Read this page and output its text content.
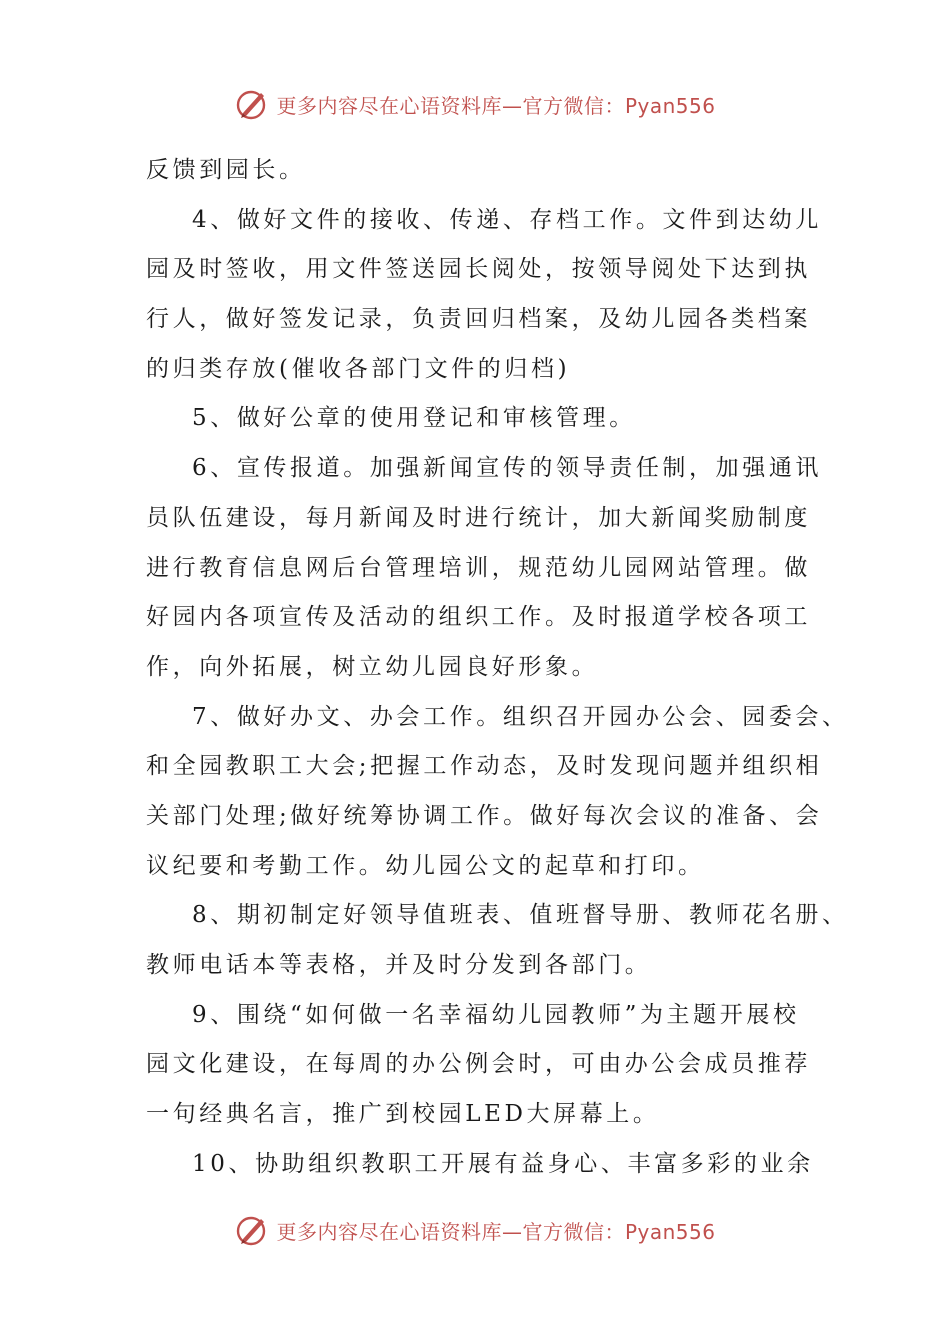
更多内容尽在心语资料库—官方微信：Pyan556
反馈到园长。
4、做好文件的接收、传递、存档工作。文件到达幼儿
园及时签收，用文件签送园长阅处，按领导阅处下达到执
行人，做好签发记录，负责回归档案，及幼儿园各类档案
的归类存放(催收各部门文件的归档)
5、做好公章的使用登记和审核管理。
6、宣传报道。加强新闻宣传的领导责任制，加强通讯
员队伍建设，每月新闻及时进行统计，加大新闻奖励制度
进行教育信息网后台管理培训，规范幼儿园网站管理。做
好园内各项宣传及活动的组织工作。及时报道学校各项工
作，向外拓展，树立幼儿园良好形象。
7、做好办文、办会工作。组织召开园办公会、园委会、
和全园教职工大会;把握工作动态，及时发现问题并组织相
关部门处理;做好统筹协调工作。做好每次会议的准备、会
议纪要和考勤工作。幼儿园公文的起草和打印。
8、期初制定好领导值班表、值班督导册、教师花名册、
教师电话本等表格，并及时分发到各部门。
9、围绕“如何做一名幸福幼儿园教师”为主题开展校
园文化建设，在每周的办公例会时，可由办公会成员推荐
一句经典名言，推广到校园LED大屏幕上。
10、协助组织教职工开展有益身心、丰富多彩的业余
更多内容尽在心语资料库—官方微信：Pyan556
